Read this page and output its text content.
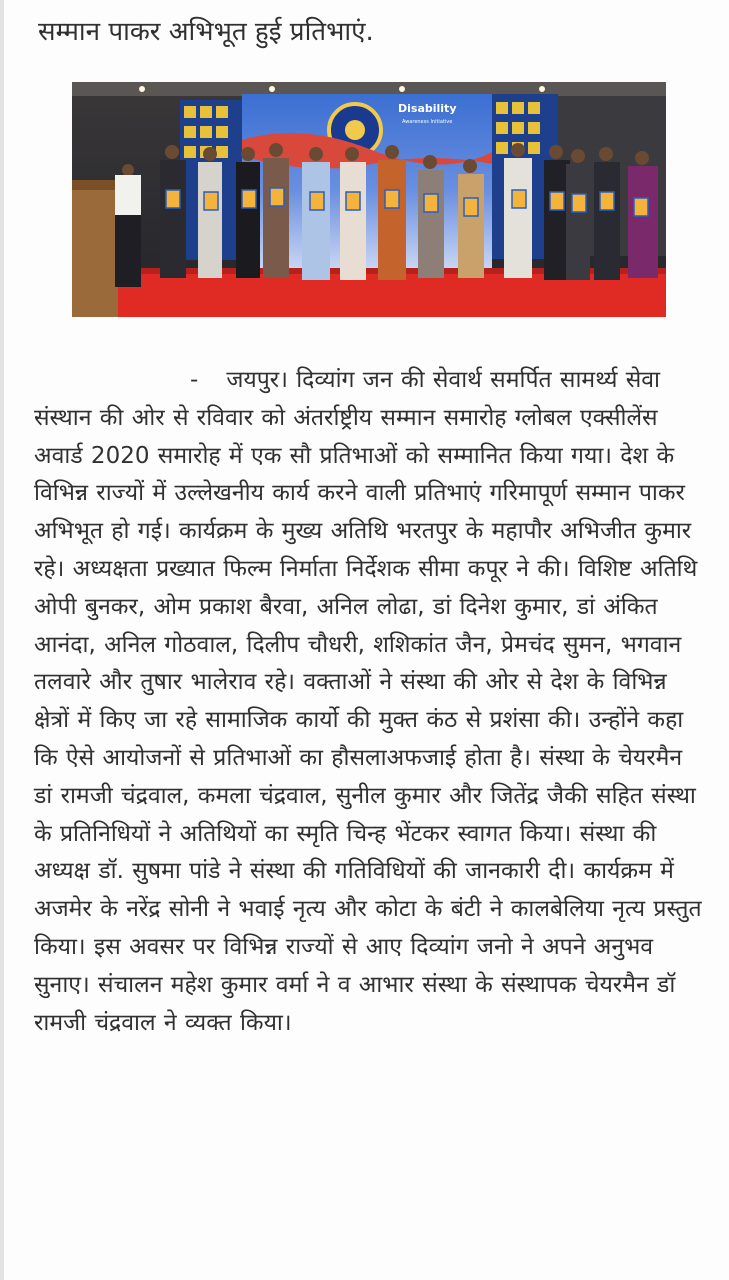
सम्मान पाकर अभिभूत हुई प्रतिभाएं.
Disability
Awareness Initiative
- जयपुर। दिव्यांग जन की सेवार्थ समर्पित सामर्थ्य सेवा संस्थान की ओर से रविवार को अंतर्राष्ट्रीय सम्मान समारोह ग्लोबल एक्सीलेंस अवार्ड 2020 समारोह में एक सौ प्रतिभाओं को सम्मानित किया गया। देश के विभिन्न राज्यों में उल्लेखनीय कार्य करने वाली प्रतिभाएं गरिमापूर्ण सम्मान पाकर अभिभूत हो गई। कार्यक्रम के मुख्य अतिथि भरतपुर के महापौर अभिजीत कुमार रहे। अध्यक्षता प्रख्यात फिल्म निर्माता निर्देशक सीमा कपूर ने की। विशिष्ट अतिथि ओपी बुनकर, ओम प्रकाश बैरवा, अनिल लोढा, डां दिनेश कुमार, डां अंकित आनंदा, अनिल गोठवाल, दिलीप चौधरी, शशिकांत जैन, प्रेमचंद सुमन, भगवान तलवारे और तुषार भालेराव रहे। वक्ताओं ने संस्था की ओर से देश के विभिन्न क्षेत्रों में किए जा रहे सामाजिक कार्यो की मुक्त कंठ से प्रशंसा की। उन्होंने कहा कि ऐसे आयोजनों से प्रतिभाओं का हौसलाअफजाई होता है। संस्था के चेयरमैन डां रामजी चंद्रवाल, कमला चंद्रवाल, सुनील कुमार और जितेंद्र जैकी सहित संस्था के प्रतिनिधियों ने अतिथियों का स्मृति चिन्ह भेंटकर स्वागत किया। संस्था की अध्यक्ष डॉ. सुषमा पांडे ने संस्था की गतिविधियों की जानकारी दी। कार्यक्रम में अजमेर के नरेंद्र सोनी ने भवाई नृत्य और कोटा के बंटी ने कालबेलिया नृत्य प्रस्तुत किया। इस अवसर पर विभिन्न राज्यों से आए दिव्यांग जनो ने अपने अनुभव सुनाए। संचालन महेश कुमार वर्मा ने व आभार संस्था के संस्थापक चेयरमैन डॉ रामजी चंद्रवाल ने व्यक्त किया।
